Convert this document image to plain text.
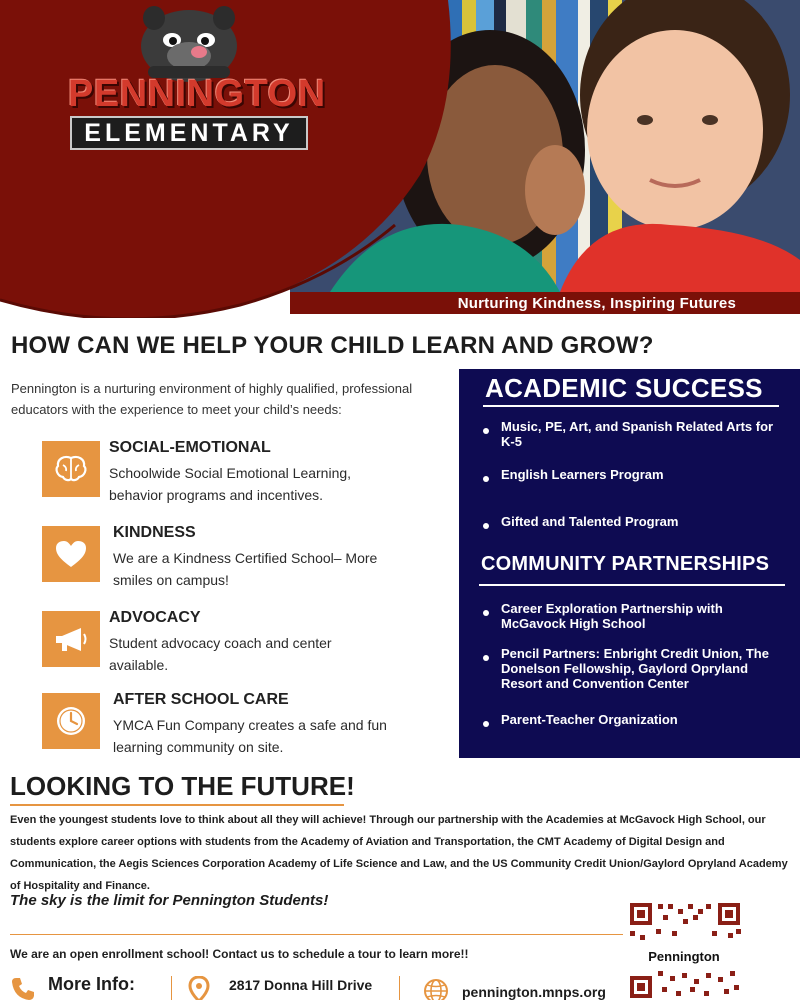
Nurturing Kindness, Inspiring Futures
PENNINGTON
ELEMENTARY
HOW CAN WE HELP YOUR CHILD LEARN AND GROW?
Pennington is a nurturing environment of highly qualified, professional educators with the experience to meet your child’s needs:
SOCIAL-EMOTIONAL
Schoolwide Social Emotional Learning, behavior programs and incentives.
KINDNESS
We are a Kindness Certified School– More smiles on campus!
ADVOCACY
Student advocacy coach and center available.
AFTER SCHOOL CARE
YMCA Fun Company creates a safe and fun learning community on site.
ACADEMIC SUCCESS
Music, PE, Art, and Spanish Related Arts for K-5
English Learners Program
Gifted and Talented Program
COMMUNITY PARTNERSHIPS
Career Exploration Partnership with McGavock High School
Pencil Partners: Enbright Credit Union, The Donelson Fellowship, Gaylord Opryland Resort and Convention Center
Parent-Teacher Organization
LOOKING TO THE FUTURE!
Even the youngest students love to think about all they will achieve! Through our partnership with the Academies at McGavock High School, our students explore career options with students from the Academy of Aviation and Transportation, the CMT Academy of Digital Design and Communication, the Aegis Sciences Corporation Academy of Life Science and Law, and the US Community Credit Union/Gaylord Opryland Academy of Hospitality and Finance.
The sky is the limit for Pennington Students!
We are an open enrollment school! Contact us to schedule a tour to learn more!!
More Info:	2817 Donna Hill Drive	pennington.mnps.org
Pennington
